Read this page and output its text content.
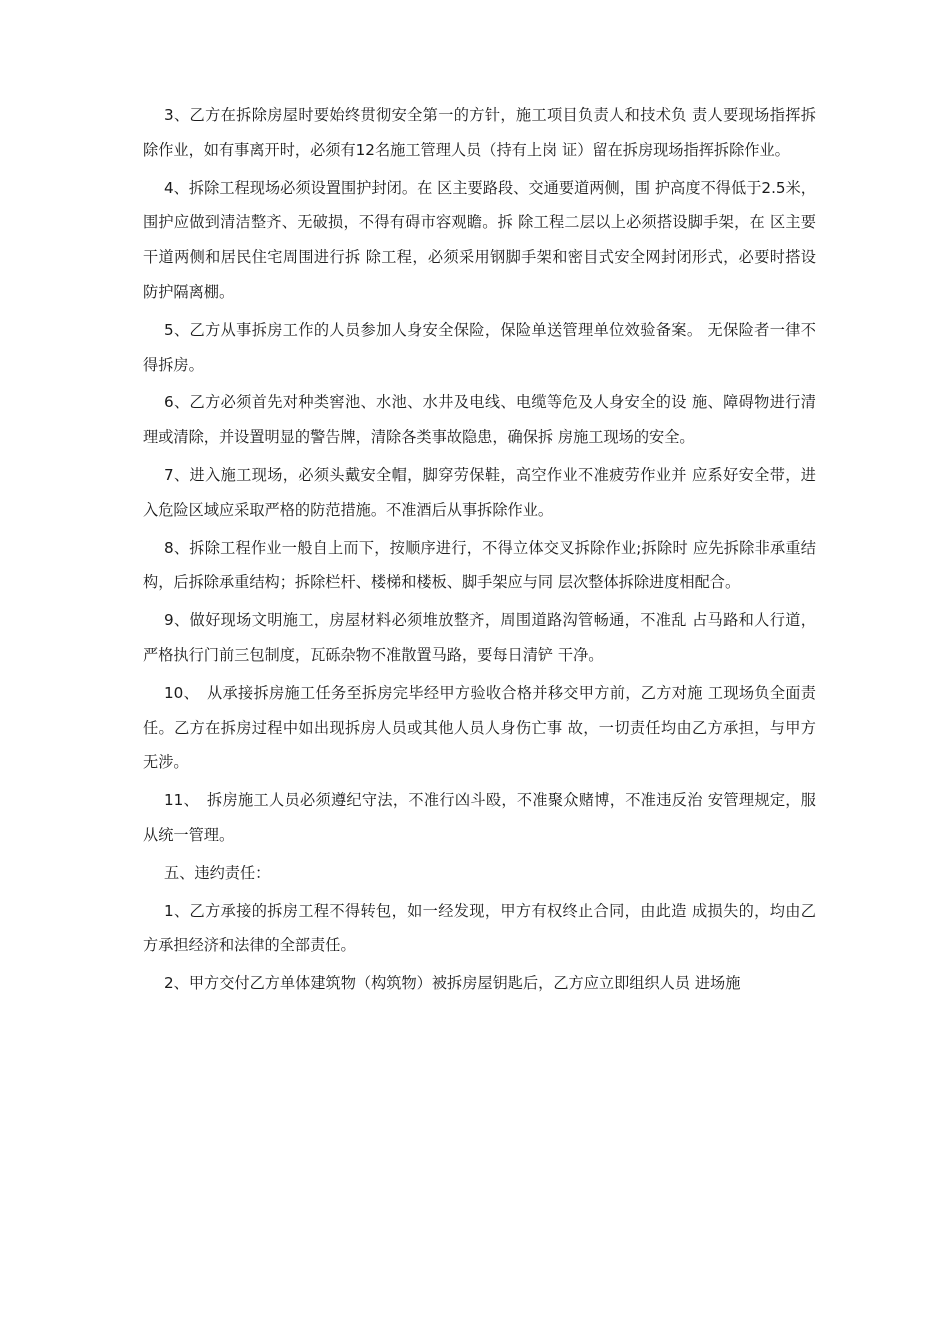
3、乙方在拆除房屋时要始终贯彻安全第一的方针，施工项目负责人和技术负 责人要现场指挥拆除作业，如有事离开时，必须有12名施工管理人员（持有上岗 证）留在拆房现场指挥拆除作业。

4、拆除工程现场必须设置围护封闭。在 区主要路段、交通要道两侧，围 护高度不得低于2.5米，围护应做到清洁整齐、无破损，不得有碍市容观瞻。拆 除工程二层以上必须搭设脚手架，在 区主要干道两侧和居民住宅周围进行拆 除工程，必须采用钢脚手架和密目式安全网封闭形式，必要时搭设防护隔离棚。

5、乙方从事拆房工作的人员参加人身安全保险，保险单送管理单位效验备案。 无保险者一律不得拆房。

6、乙方必须首先对种类窖池、水池、水井及电线、电缆等危及人身安全的设 施、障碍物进行清理或清除，并设置明显的警告牌，清除各类事故隐患，确保拆 房施工现场的安全。

7、进入施工现场，必须头戴安全帽，脚穿劳保鞋，高空作业不准疲劳作业并 应系好安全带，进入危险区域应采取严格的防范措施。不准酒后从事拆除作业。

8、拆除工程作业一般自上而下，按顺序进行，不得立体交叉拆除作业;拆除时 应先拆除非承重结构，后拆除承重结构；拆除栏杆、楼梯和楼板、脚手架应与同 层次整体拆除进度相配合。

9、做好现场文明施工，房屋材料必须堆放整齐，周围道路沟管畅通，不准乱 占马路和人行道，严格执行门前三包制度，瓦砾杂物不准散置马路，要每日清铲 干净。

10、　从承接拆房施工任务至拆房完毕经甲方验收合格并移交甲方前，乙方对施 工现场负全面责任。乙方在拆房过程中如出现拆房人员或其他人员人身伤亡事 故，一切责任均由乙方承担，与甲方无涉。

11、　拆房施工人员必须遵纪守法，不准行凶斗殴，不准聚众赌博，不准违反治 安管理规定，服从统一管理。

五、违约责任：

1、乙方承接的拆房工程不得转包，如一经发现，甲方有权终止合同，由此造 成损失的，均由乙方承担经济和法律的全部责任。

2、甲方交付乙方单体建筑物（构筑物）被拆房屋钥匙后，乙方应立即组织人员 进场施
